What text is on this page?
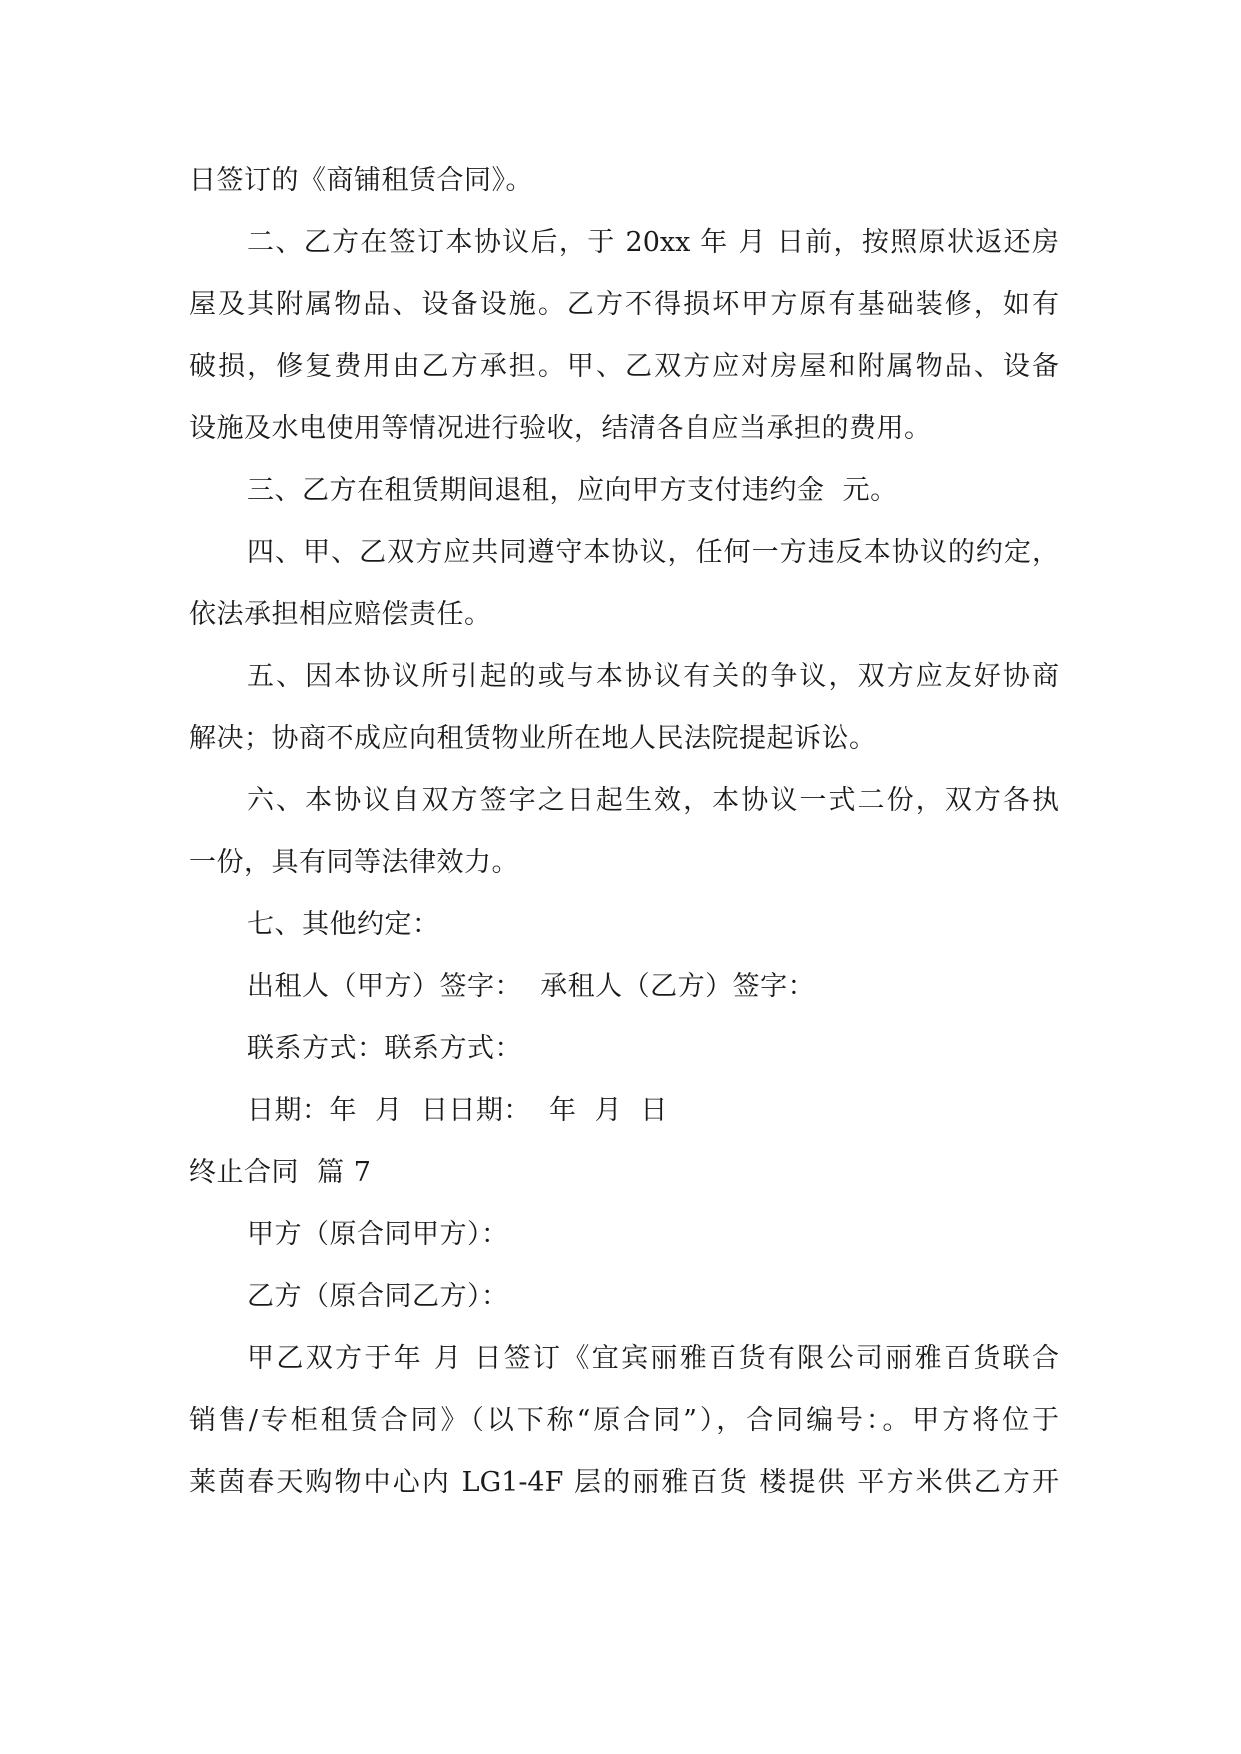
日签订的《商铺租赁合同》。
二、乙方在签订本协议后，于 20xx 年 月 日前，按照原状返还房
屋及其附属物品、设备设施。乙方不得损坏甲方原有基础装修，如有
破损，修复费用由乙方承担。甲、乙双方应对房屋和附属物品、设备
设施及水电使用等情况进行验收，结清各自应当承担的费用。
三、乙方在租赁期间退租，应向甲方支付违约金  元。
四、甲、乙双方应共同遵守本协议，任何一方违反本协议的约定，
依法承担相应赔偿责任。
五、因本协议所引起的或与本协议有关的争议，双方应友好协商
解决；协商不成应向租赁物业所在地人民法院提起诉讼。
六、本协议自双方签字之日起生效，本协议一式二份，双方各执
一份，具有同等法律效力。
七、其他约定：
出租人（甲方）签字：  承租人（乙方）签字：
联系方式：联系方式：
日期：年  月  日日期：  年  月  日
终止合同  篇 7
甲方（原合同甲方）：
乙方（原合同乙方）：
甲乙双方于年 月 日签订《宜宾丽雅百货有限公司丽雅百货联合
销售/专柜租赁合同》（以下称“原合同”），合同编号：。甲方将位于
莱茵春天购物中心内 LG1-4F 层的丽雅百货 楼提供 平方米供乙方开
